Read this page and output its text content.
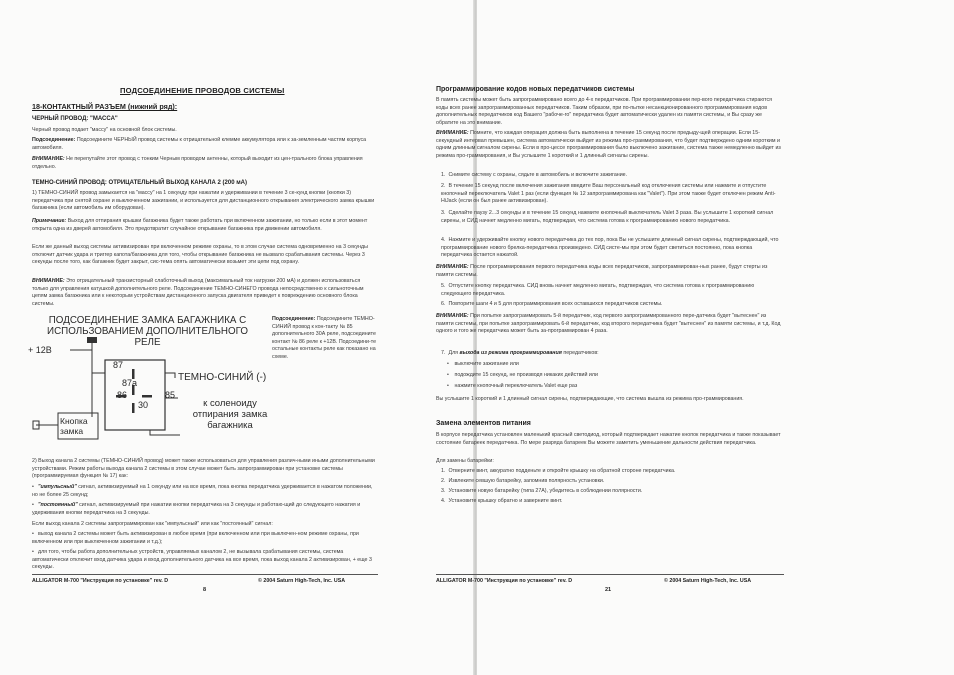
ПОДСОЕДИНЕНИЕ ПРОВОДОВ СИСТЕМЫ
18-КОНТАКТНЫЙ РАЗЪЕМ (нижний ряд):
ЧЕРНЫЙ ПРОВОД: "МАССА"
Черный провод подает "массу" на основной блок системы.
Подсоединение: Подсоедините ЧЕРНЫЙ провод системы к отрицательной клемме аккумулятора или к за-земленным частям корпуса автомобиля.
ВНИМАНИЕ: Не перепутайте этот провод с тонким Черным проводом антенны, который выходит из цен-трального блока управления отдельно.
ТЕМНО-СИНИЙ ПРОВОД: ОТРИЦАТЕЛЬНЫЙ ВЫХОД КАНАЛА 2 (200 мА)
1) ТЕМНО-СИНИЙ провод замыкается на "массу" на 1 секунду при нажатии и удерживании в течение 3 се-кунд кнопки (кнопки 3) передатчика при снятой охране и выключенном зажигании, и используется для дистанционного открывания электрического замка крышки багажника (если автомобиль им оборудован).
Примечание: Выход для отпирания крышки багажника будет также работать при включенном зажигании, но только если в этот момент открыта одна из дверей автомобиля. Это предотвратит случайное открывание багажника при движении автомобиля.
Если же данный выход системы активизирован при включенном режиме охраны, то в этом случае система одновременно на 3 секунды отключит датчик удара и триггер капота/багажника для того, чтобы открывание багажника не вызвало срабатывания системы. Через 3 секунды после того, как багажник будет закрыт, сис-тема опять автоматически возьмет эти цепи под охрану.
ВНИМАНИЕ: Это отрицательный транзисторный слаботочный выход (максимальный ток нагрузки 200 мА) и должен использоваться только для управления катушкой дополнительного реле. Подсоединение ТЕМНО-СИНЕГО провода непосредственно к сильноточным цепям замка багажника или к некоторым устройствам дистанционного запуска двигателя приведет к повреждению основного блока системы.
ПОДСОЕДИНЕНИЕ ЗАМКА БАГАЖНИКА С ИСПОЛЬЗОВАНИЕМ ДОПОЛНИТЕЛЬНОГО РЕЛЕ
+ 12В
87
87a
86	85
30
ТЕМНО-СИНИЙ (-)
к соленоиду отпирания замка багажника
Кнопка замка
Подсоединение: Подсоедините ТЕМНО-СИНИЙ провод к кон-такту № 85 дополнительного 30А реле, подсоедините контакт № 86 реле к +12В. Подсоедини-те остальные контакты реле как показано на схеме.
2) Выход канала 2 системы (ТЕМНО-СИНИЙ провод) может также использоваться для управления различ-ными иными дополнительными устройствами. Режим работы выхода канала 2 системы в этом случае может быть запрограммирован при установке системы (программируемая функция № 17) как:
• "импульсный" сигнал, активизируемый на 1 секунду или на все время, пока кнопка передатчика удерживается в нажатом положении, но не более 25 секунд;
• "постоянный" сигнал, активизируемый при нажатии кнопки передатчика на 3 секунды и работаю-щий до следующего нажатия и удерживания кнопки передатчика на 3 секунды.
Если выход канала 2 системы запрограммирован как "импульсный" или как "постоянный" сигнал:
• выход канала 2 системы может быть активизирован в любое время (при включенном или при выключен-ном режиме охраны, при включенном или при выключенном зажигании и т.д.);
• для того, чтобы работа дополнительных устройств, управляемых каналом 2, не вызывала срабатывания системы, система автоматически отключит вход датчика удара и вход дополнительного датчика на все время, пока выход канала 2 активизирован, + еще 3 секунды.
ALLIGATOR M-700 "Инструкция по установке" rev. D	© 2004 Saturn High-Tech, Inc. USA
8
Программирование кодов новых передатчиков системы
В память системы может быть запрограммировано всего до 4-х передатчиков. При программировании пер-вого передатчика стираются коды всех ранее запрограммированных передатчиков. Таким образом, при по-пытке несанкционированного программирования кодов дополнительных передатчиков код Вашего "рабоче-го" передатчика будет автоматически удален из памяти системы, и Вы сразу же обратите на это внимание.
ВНИМАНИЕ: Помните, что каждая операция должна быть выполнена в течение 15 секунд после предыду-щей операции. Если 15-секундный интервал превышен, система автоматически выйдет из режима про-граммирования, что будет подтверждено одним коротким и одним длинным сигналом сирены. Если в про-цессе программирования было выключено зажигание, система также немедленно выйдет из режима про-граммирования, и Вы услышите 1 короткий и 1 длинный сигналы сирены.
1. Снимите систему с охраны, сядьте в автомобиль и включите зажигание.
2. В течение 15 секунд после включения зажигания введите Ваш персональный код отключения системы или нажмите и отпустите кнопочный переключатель Valet 1 раз (если функция № 12 запрограммирована как "Valet"). При этом также будет отключен режим Anti-HiJack (если он был ранее активизирован).
3. Сделайте паузу 2...3 секунды и в течение 15 секунд нажмите кнопочный выключатель Valet 3 раза. Вы услышите 1 короткий сигнал сирены, и СИД начнет медленно мигать, подтверждая, что система готова к программированию нового передатчика.
4. Нажмите и удерживайте кнопку нового передатчика до тех пор, пока Вы не услышите длинный сигнал сирены, подтверждающий, что программирование нового брелка-передатчика произведено. СИД систе-мы при этом будет светиться постоянно, пока кнопка передатчика остается нажатой.
ВНИМАНИЕ: После программирования первого передатчика коды всех передатчиков, запрограммирован-ных ранее, будут стерты из памяти системы.
5. Отпустите кнопку передатчика. СИД вновь начнет медленно мигать, подтверждая, что система готова к программированию следующего передатчика.
6. Повторите шаги 4 и 5 для программирования всех оставшихся передатчиков системы.
ВНИМАНИЕ: При попытке запрограммировать 5-й передатчик, код первого запрограммированного пере-датчика будет "вытеснен" из памяти системы, при попытке запрограммировать 6-й передатчик, код второго передатчика будет "вытеснен" из памяти системы, и т.д. Код одного и того же передатчика может быть за-программирован 4 раза.
7. Для выхода из режима программирования передатчиков:
• выключите зажигание или
• подождите 15 секунд, не производя никаких действий или
• нажмите кнопочный переключатель Valet еще раз
Вы услышите 1 короткий и 1 длинный сигнал сирены, подтверждающие, что система вышла из режима про-граммирования.
Замена элементов питания
В корпусе передатчика установлен маленький красный светодиод, который подтверждает нажатие кнопок передатчика и также показывает состояние батареек передатчика. По мере разряда батареек Вы можете заметить уменьшение дальности действия передатчика.
Для замены батарейки:
1. Отверните винт, аккуратно подденьте и откройте крышку на обратной стороне передатчика.
2. Извлеките севшую батарейку, запомнив полярность установки.
3. Установите новую батарейку (типа 27A), убедитесь в соблюдении полярности.
4. Установите крышку обратно и заверните винт.
ALLIGATOR M-700 "Инструкция по установке" rev. D	© 2004 Saturn High-Tech, Inc. USA
21
